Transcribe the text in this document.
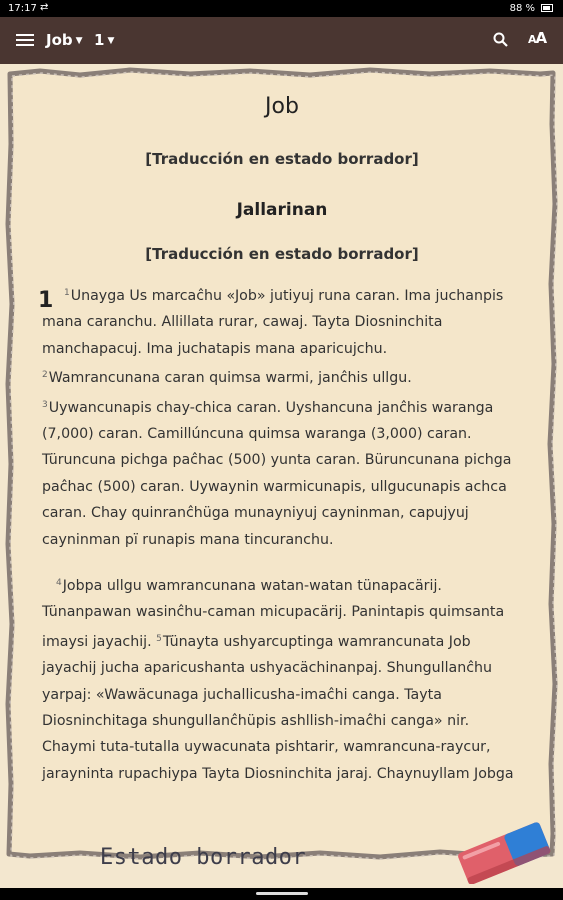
17:17 ⇄	88 %
Job ▼ 1 ▼	AA
Job
[Traducción en estado borrador]
Jallarinan
[Traducción en estado borrador]
1	$^1$Unayga Us marcaĉhu «Job» jutiyuj runa caran. Ima juchanpis mana caranchu. Allillata rurar, cawaj. Tayta Diosninchita manchapacuj. Ima juchatapis mana aparicujchu.
$^2$Wamrancunana caran quimsa warmi, janĉhis ullgu.
$^3$Uywancunapis chay-chica caran. Uyshancuna janĉhis waranga (7,000) caran. Camillúncuna quimsa waranga (3,000) caran. Türuncuna pichga paĉhac (500) yunta caran. Büruncunana pichga paĉhac (500) caran. Uywaynin warmicunapis, ullgucunapis achca caran. Chay quinranĉhüga munayniyuj cayninman, capujyuj cayninman pï runapis mana tincuranchu.
$^4$Jobpa ullgu wamrancunana watan-watan tünapacärij. Tünanpawan wasinĉhu-caman micupacärij. Panintapis quimsanta imaysi jayachij. $^5$Tünayta ushyarcuptinga wamrancunata Job jayachij jucha aparicushanta ushyacächinanpaj. Shungullanĉhu yarpaj: «Wawäcunaga juchallicusha-imaĉhi canga. Tayta Diosninchitaga shungullanĉhüpis ashllish-imaĉhi canga» nir. Chaymi tuta-tutalla uywacunata pishtarir, wamrancuna-raycur, jarayninta rupachiypa Tayta Diosninchita jaraj. Chaynuyllam Jobga
Estado borrador
